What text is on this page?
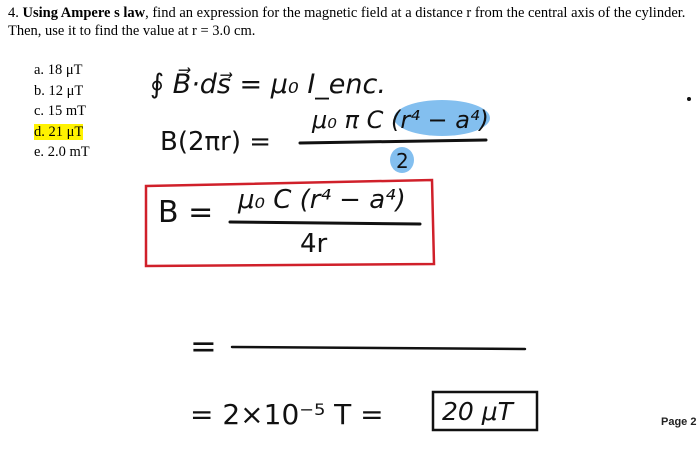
4. Using Ampere s law, find an expression for the magnetic field at a distance r from the central axis of the cylinder. Then, use it to find the value at r = 3.0 cm.
a. 18 μT
b. 12 μT
c. 15 mT
d. 21 μT
e. 2.0 mT
∮ B⃗·ds⃗ = μ₀ I_enc.
B(2πr) =
μ₀ π C (r⁴ − a⁴)
2
B = μ₀ C (r⁴ − a⁴)
4r
=
= 2×10⁻⁵ T = 20 μT	Page 2
